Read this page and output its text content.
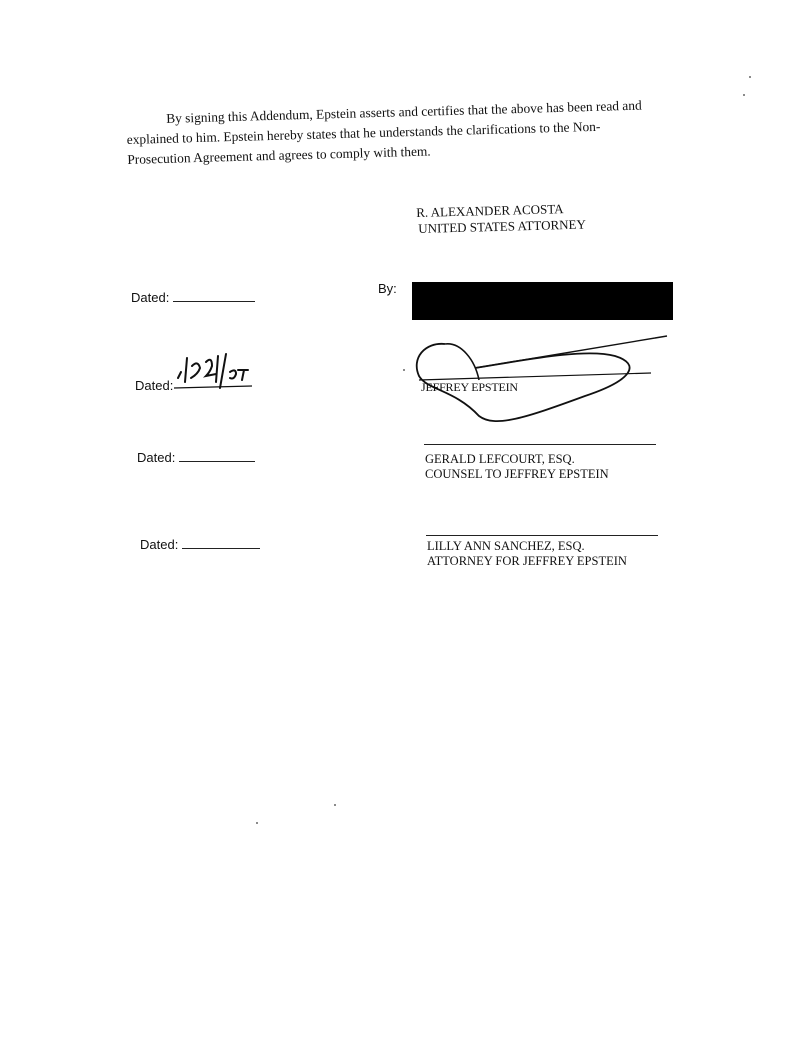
By signing this Addendum, Epstein asserts and certifies that the above has been read and
explained to him. Epstein hereby states that he understands the clarifications to the Non-
Prosecution Agreement and agrees to comply with them.
R. ALEXANDER ACOSTA
UNITED STATES ATTORNEY
Dated:
By:
Dated:	JEFFREY EPSTEIN
Dated:	GERALD LEFCOURT, ESQ.
COUNSEL TO JEFFREY EPSTEIN
Dated:	LILLY ANN SANCHEZ, ESQ.
ATTORNEY FOR JEFFREY EPSTEIN
